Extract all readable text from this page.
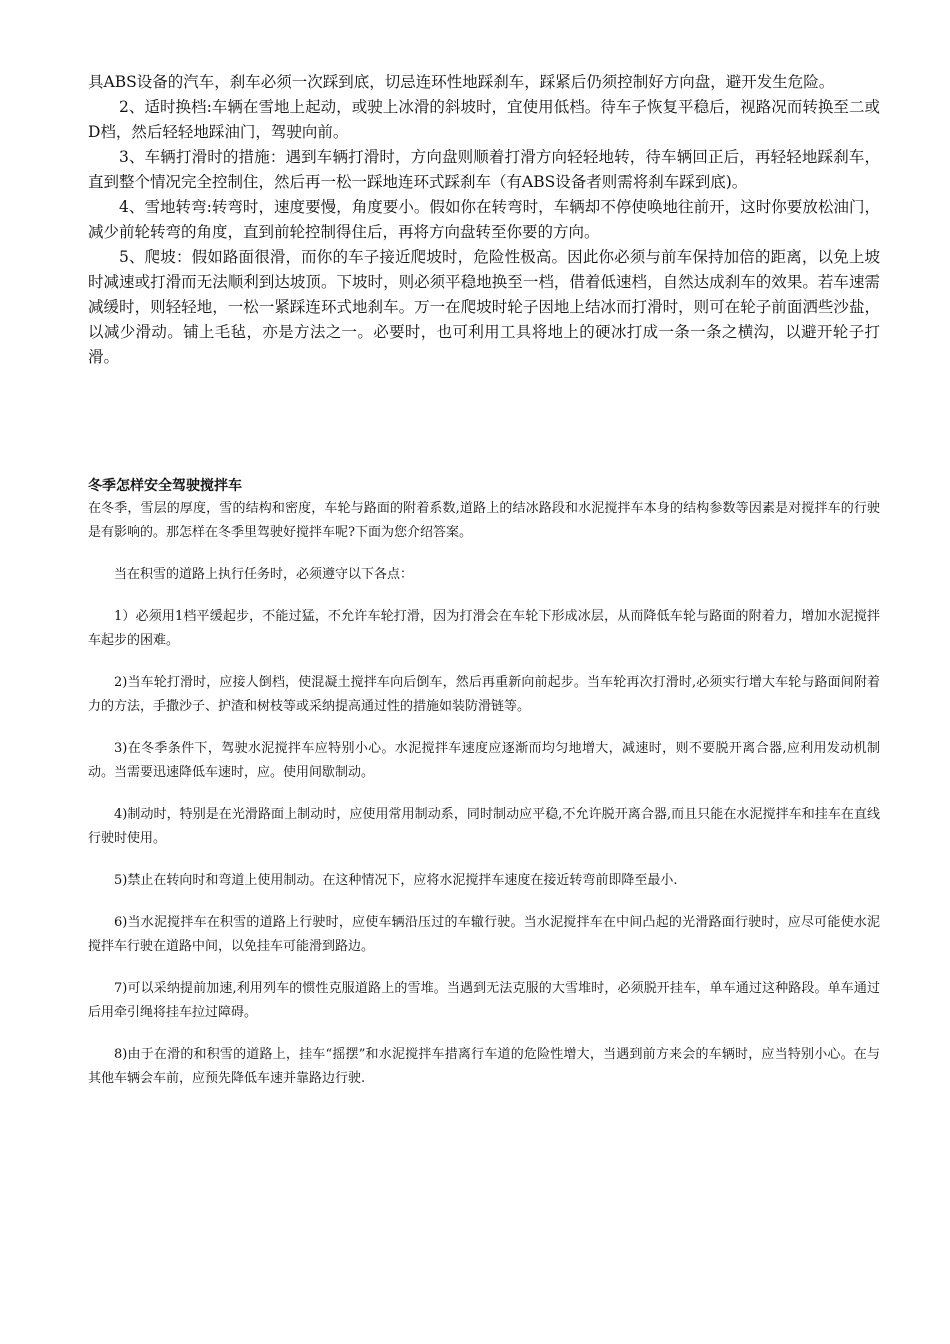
具ABS设备的汽车，刹车必须一次踩到底，切忌连环性地踩刹车，踩紧后仍须控制好方向盘，避开发生危险。

2、适时换档:车辆在雪地上起动，或驶上冰滑的斜坡时，宜使用低档。待车子恢复平稳后，视路况而转换至二或D档，然后轻轻地踩油门，驾驶向前。

3、车辆打滑时的措施：遇到车辆打滑时，方向盘则顺着打滑方向轻轻地转，待车辆回正后，再轻轻地踩刹车，直到整个情况完全控制住，然后再一松一踩地连环式踩刹车（有ABS设备者则需将刹车踩到底)。

4、雪地转弯:转弯时，速度要慢，角度要小。假如你在转弯时，车辆却不停使唤地往前开，这时你要放松油门，减少前轮转弯的角度，直到前轮控制得住后，再将方向盘转至你要的方向。

5、爬坡：假如路面很滑，而你的车子接近爬坡时，危险性极高。因此你必须与前车保持加倍的距离，以免上坡时减速或打滑而无法顺利到达坡顶。下坡时，则必须平稳地换至一档，借着低速档，自然达成刹车的效果。若车速需减缓时，则轻轻地，一松一紧踩连环式地刹车。万一在爬坡时轮子因地上结冰而打滑时，则可在轮子前面洒些沙盐，以减少滑动。铺上毛毡，亦是方法之一。必要时，也可利用工具将地上的硬冰打成一条一条之横沟，以避开轮子打滑。

冬季怎样安全驾驶搅拌车

在冬季，雪层的厚度，雪的结构和密度，车轮与路面的附着系数,道路上的结冰路段和水泥搅拌车本身的结构参数等因素是对搅拌车的行驶是有影响的。那怎样在冬季里驾驶好搅拌车呢?下面为您介绍答案。

当在积雪的道路上执行任务时，必须遵守以下各点：

1）必须用1档平缓起步，不能过猛，不允许车轮打滑，因为打滑会在车轮下形成冰层，从而降低车轮与路面的附着力，增加水泥搅拌车起步的困难。

2)当车轮打滑时，应接人倒档，使混凝土搅拌车向后倒车，然后再重新向前起步。当车轮再次打滑时,必须实行增大车轮与路面间附着力的方法，手撒沙子、护渣和树枝等或采纳提高通过性的措施如装防滑链等。

3)在冬季条件下，驾驶水泥搅拌车应特别小心。水泥搅拌车速度应逐渐而均匀地增大，减速时，则不要脱开离合器,应利用发动机制动。当需要迅速降低车速时，应。使用间歇制动。

4)制动时，特别是在光滑路面上制动时，应使用常用制动系，同时制动应平稳,不允许脱开离合器,而且只能在水泥搅拌车和挂车在直线行驶时使用。

5)禁止在转向时和弯道上使用制动。在这种情况下，应将水泥搅拌车速度在接近转弯前即降至最小.

6)当水泥搅拌车在积雪的道路上行驶时，应使车辆沿压过的车辙行驶。当水泥搅拌车在中间凸起的光滑路面行驶时，应尽可能使水泥搅拌车行驶在道路中间，以免挂车可能滑到路边。

7)可以采纳提前加速,利用列车的惯性克服道路上的雪堆。当遇到无法克服的大雪堆时，必须脱开挂车，单车通过这种路段。单车通过后用牵引绳将挂车拉过障碍。

8)由于在滑的和积雪的道路上，挂车“摇摆”和水泥搅拌车措离行车道的危险性增大，当遇到前方来会的车辆时，应当特别小心。在与其他车辆会车前，应预先降低车速并靠路边行驶.
